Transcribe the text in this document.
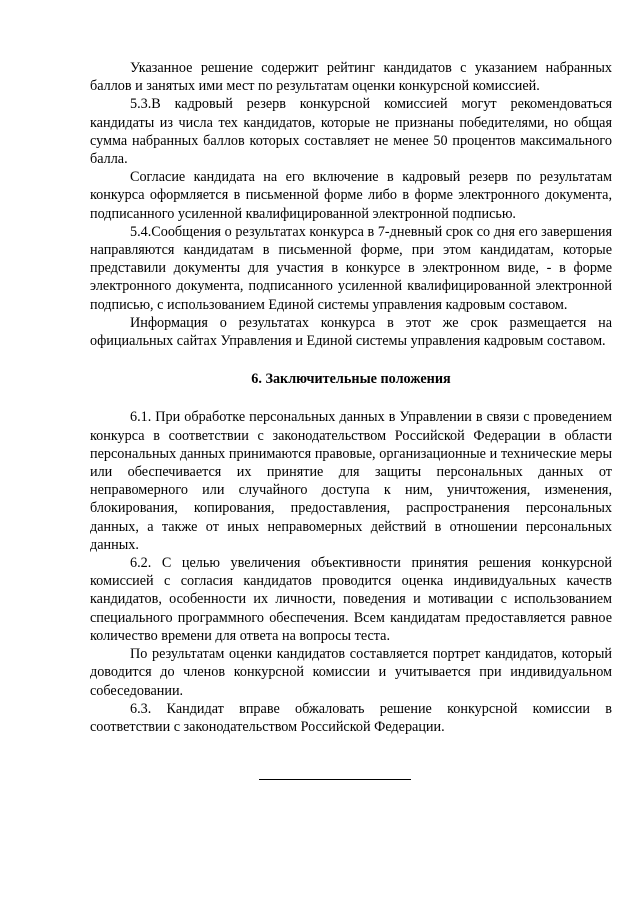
Указанное решение содержит рейтинг кандидатов с указанием набранных баллов и занятых ими мест по результатам оценки конкурсной комиссией.

5.3.В кадровый резерв конкурсной комиссией могут рекомендоваться кандидаты из числа тех кандидатов, которые не признаны победителями, но общая сумма набранных баллов которых составляет не менее 50 процентов максимального балла.

Согласие кандидата на его включение в кадровый резерв по результатам конкурса оформляется в письменной форме либо в форме электронного документа, подписанного усиленной квалифицированной электронной подписью.

5.4.Сообщения о результатах конкурса в 7-дневный срок со дня его завершения направляются кандидатам в письменной форме, при этом кандидатам, которые представили документы для участия в конкурсе в электронном виде, - в форме электронного документа, подписанного усиленной квалифицированной электронной подписью, с использованием Единой системы управления кадровым составом.

Информация о результатах конкурса в этот же срок размещается на официальных сайтах Управления и Единой системы управления кадровым составом.

6. Заключительные положения

6.1. При обработке персональных данных в Управлении в связи с проведением конкурса в соответствии с законодательством Российской Федерации в области персональных данных принимаются правовые, организационные и технические меры или обеспечивается их принятие для защиты персональных данных от неправомерного или случайного доступа к ним, уничтожения, изменения, блокирования, копирования, предоставления, распространения персональных данных, а также от иных неправомерных действий в отношении персональных данных.

6.2. С целью увеличения объективности принятия решения конкурсной комиссией с согласия кандидатов проводится оценка индивидуальных качеств кандидатов, особенности их личности, поведения и мотивации с использованием специального программного обеспечения. Всем кандидатам предоставляется равное количество времени для ответа на вопросы теста.

По результатам оценки кандидатов составляется портрет кандидатов, который доводится до членов конкурсной комиссии и учитывается при индивидуальном собеседовании.

6.3. Кандидат вправе обжаловать решение конкурсной комиссии в соответствии с законодательством Российской Федерации.
